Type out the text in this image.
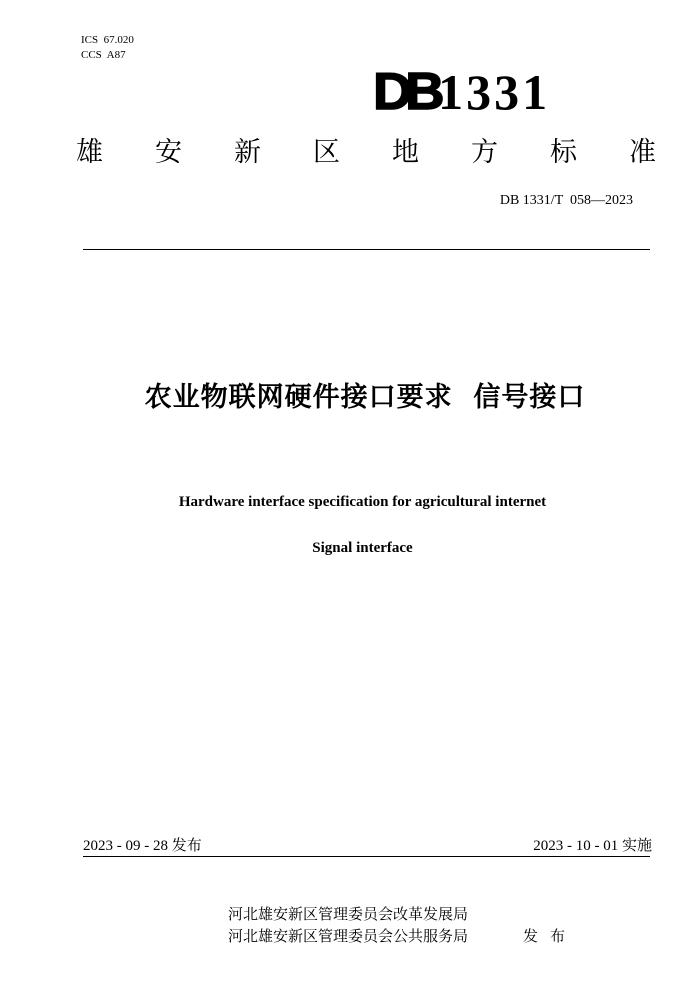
ICS  67.020
CCS  A87
DB 1331
雄 安 新 区 地 方 标 准
DB 1331/T  058—2023
农业物联网硬件接口要求  信号接口
Hardware interface specification for agricultural internet
Signal interface
2023 - 09 - 28 发布	2023 - 10 - 01 实施
河北雄安新区管理委员会改革发展局
河北雄安新区管理委员会公共服务局	发布
